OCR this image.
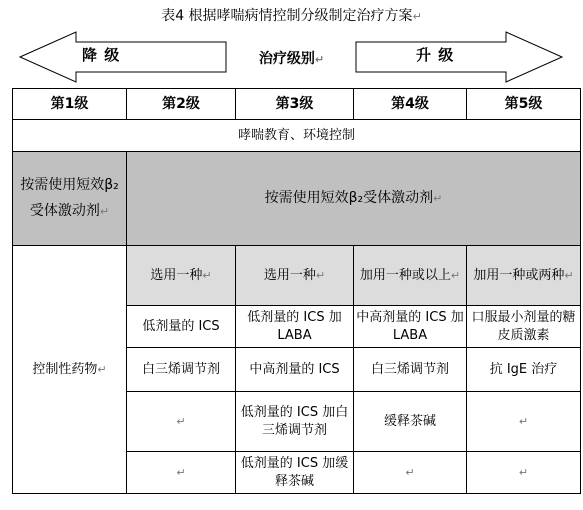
表4 根据哮喘病情控制分级制定治疗方案↵
降 级	治疗级别↵	升 级
第1级	第2级	第3级	第4级	第5级
哮喘教育、环境控制				
按需使用短效β₂受体激动剂↵	按需使用短效β₂受体激动剂↵			
控制性药物↵	选用一种↵	选用一种↵	加用一种或以上↵	加用一种或两种↵
	低剂量的 ICS	低剂量的 ICS 加 LABA	中高剂量的 ICS 加 LABA	口服最小剂量的糖皮质激素
	白三烯调节剂	中高剂量的 ICS	白三烯调节剂	抗 IgE 治疗
	↵	低剂量的 ICS 加白三烯调节剂	缓释茶碱	↵
	↵	低剂量的 ICS 加缓释茶碱	↵	↵
